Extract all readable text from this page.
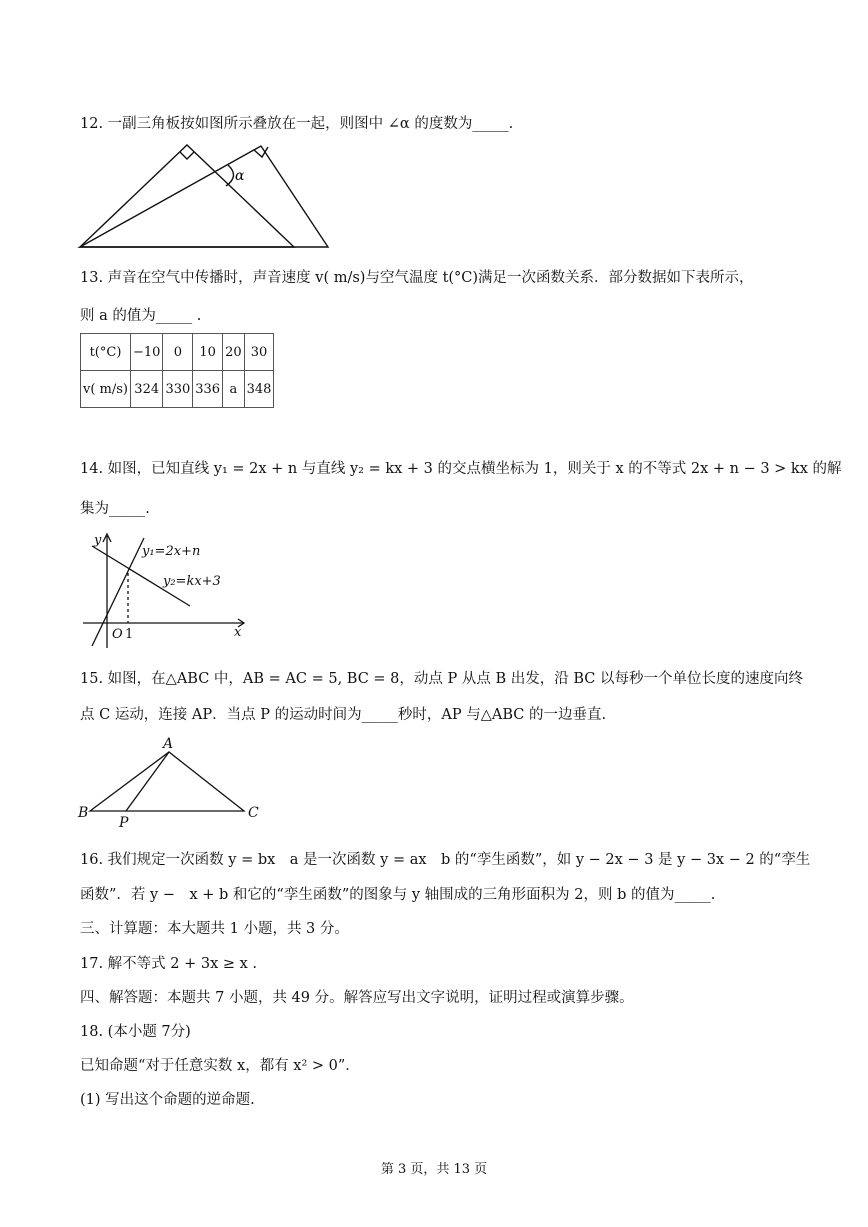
12. 一副三角板按如图所示叠放在一起，则图中 ∠α 的度数为_____.
α
13. 声音在空气中传播时，声音速度 v( m/s)与空气温度 t(°C)满足一次函数关系．部分数据如下表所示，
则 a 的值为_____ .
t(°C)	−10	0	10	20	30
v( m/s)	324	330	336	a	348
14. 如图，已知直线 y₁ = 2x + n 与直线 y₂ = kx + 3 的交点横坐标为 1，则关于 x 的不等式 2x + n − 3 > kx 的解
集为_____.
y
x
y₁=2x+n
y₂=kx+3
O 1
15. 如图，在△ABC 中，AB = AC = 5, BC = 8，动点 P 从点 B 出发，沿 BC 以每秒一个单位长度的速度向终
点 C 运动，连接 AP．当点 P 的运动时间为_____秒时，AP 与△ABC 的一边垂直.
A
B	C
P
16. 我们规定一次函数 y = bx　a 是一次函数 y = ax　b 的“孪生函数”，如 y − 2x − 3 是 y − 3x − 2 的“孪生
函数”．若 y −　x + b 和它的“孪生函数”的图象与 y 轴围成的三角形面积为 2，则 b 的值为_____.
三、计算题：本大题共 1 小题，共 3 分。
17. 解不等式 2 + 3x ≥ x .
四、解答题：本题共 7 小题，共 49 分。解答应写出文字说明，证明过程或演算步骤。
18. (本小题 7分)
已知命题“对于任意实数 x，都有 x² > 0”．
(1) 写出这个命题的逆命题.
第 3 页，共 13 页
